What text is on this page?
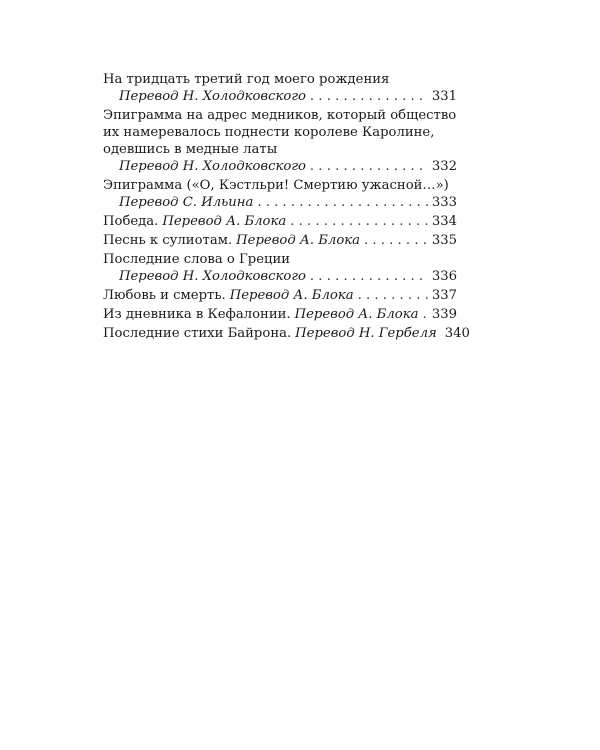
На тридцать третий год моего рождения
Перевод Н. Холодковского . . .	331
Эпиграмма на адрес медников, который общество
их намеревалось поднести королеве Каролине,
одевшись в медные латы
Перевод Н. Холодковского . . .	332
Эпиграмма («О, Кэстльри! Смертию ужасной…»)
Перевод С. Ильина . . .	333
Победа. Перевод А. Блока . . .	334
Песнь к сулиотам. Перевод А. Блока . . .	335
Последние слова о Греции
Перевод Н. Холодковского . . .	336
Любовь и смерть. Перевод А. Блока . . .	337
Из дневника в Кефалонии. Перевод А. Блока . . . 339
Последние стихи Байрона. Перевод Н. Гербеля 340
